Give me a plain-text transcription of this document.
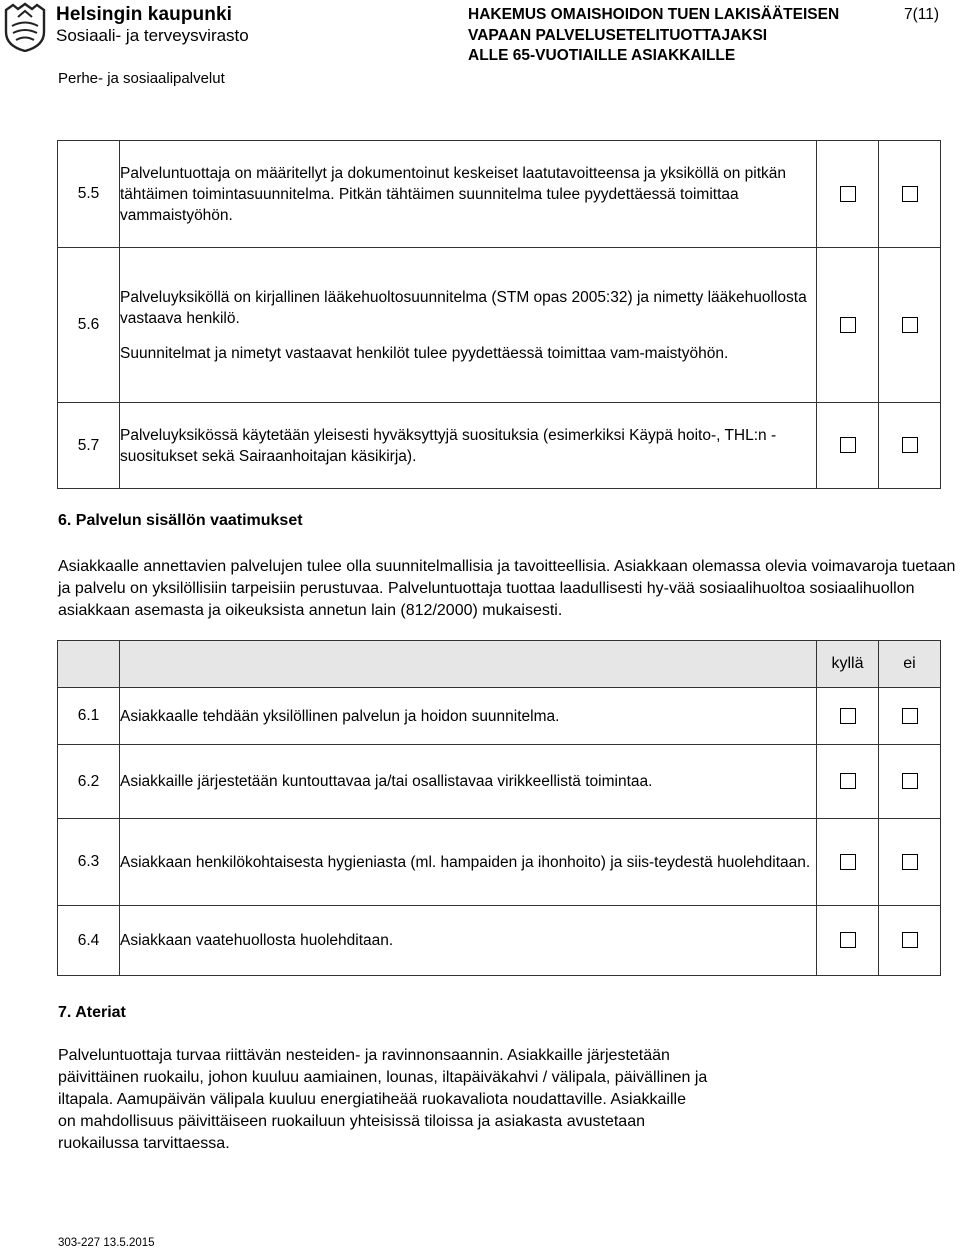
Helsingin kaupunki
Sosiaali- ja terveysvirasto
Perhe- ja sosiaalipalvelut
HAKEMUS OMAISHOIDON TUEN LAKISÄÄTEISEN
VAPAAN PALVELUSETELITUOTTAJAKSI
ALLE 65-VUOTIAILLE ASIAKKAILLE
7(11)
5.5	Palveluntuottaja on määritellyt ja dokumentoinut keskeiset laatutavoitteensa ja yksiköllä on pitkän tähtäimen toimintasuunnitelma. Pitkän tähtäimen suunnitelma tulee pyydettäessä toimittaa vammaistyöhön.		

5.6	Palveluyksiköllä on kirjallinen lääkehuoltosuunnitelma (STM opas 2005:32) ja nimetty lääkehuollosta vastaava henkilö.
Suunnitelmat ja nimetyt vastaavat henkilöt tulee pyydettäessä toimittaa vam-maistyöhön.		

5.7	Palveluyksikössä käytetään yleisesti hyväksyttyjä suosituksia (esimerkiksi Käypä hoito-, THL:n -suositukset sekä Sairaanhoitajan käsikirja).		

6. Palvelun sisällön vaatimukset
Asiakkaalle annettavien palvelujen tulee olla suunnitelmallisia ja tavoitteellisia. Asiakkaan olemassa olevia voimavaroja tuetaan ja palvelu on yksilöllisiin tarpeisiin perustuvaa. Palveluntuottaja tuottaa laadullisesti hy-vää sosiaalihuoltoa sosiaalihuollon asiakkaan asemasta ja oikeuksista annetun lain (812/2000) mukaisesti.
		kyllä	ei
6.1	Asiakkaalle tehdään yksilöllinen palvelun ja hoidon suunnitelma.		
6.2	Asiakkaille järjestetään kuntouttavaa ja/tai osallistavaa virikkeellistä toimintaa.		
6.3	Asiakkaan henkilökohtaisesta hygieniasta (ml. hampaiden ja ihonhoito) ja siis-teydestä huolehditaan.		
6.4	Asiakkaan vaatehuollosta huolehditaan.		
7. Ateriat
Palveluntuottaja turvaa riittävän nesteiden- ja ravinnonsaannin. Asiakkaille järjestetään
päivittäinen ruokailu, johon kuuluu aamiainen, lounas, iltapäiväkahvi / välipala, päivällinen ja
iltapala. Aamupäivän välipala kuuluu energiatiheää ruokavaliota noudattaville. Asiakkaille
on mahdollisuus päivittäiseen ruokailuun yhteisissä tiloissa ja asiakasta avustetaan
ruokailussa tarvittaessa.
303-227 13.5.2015
